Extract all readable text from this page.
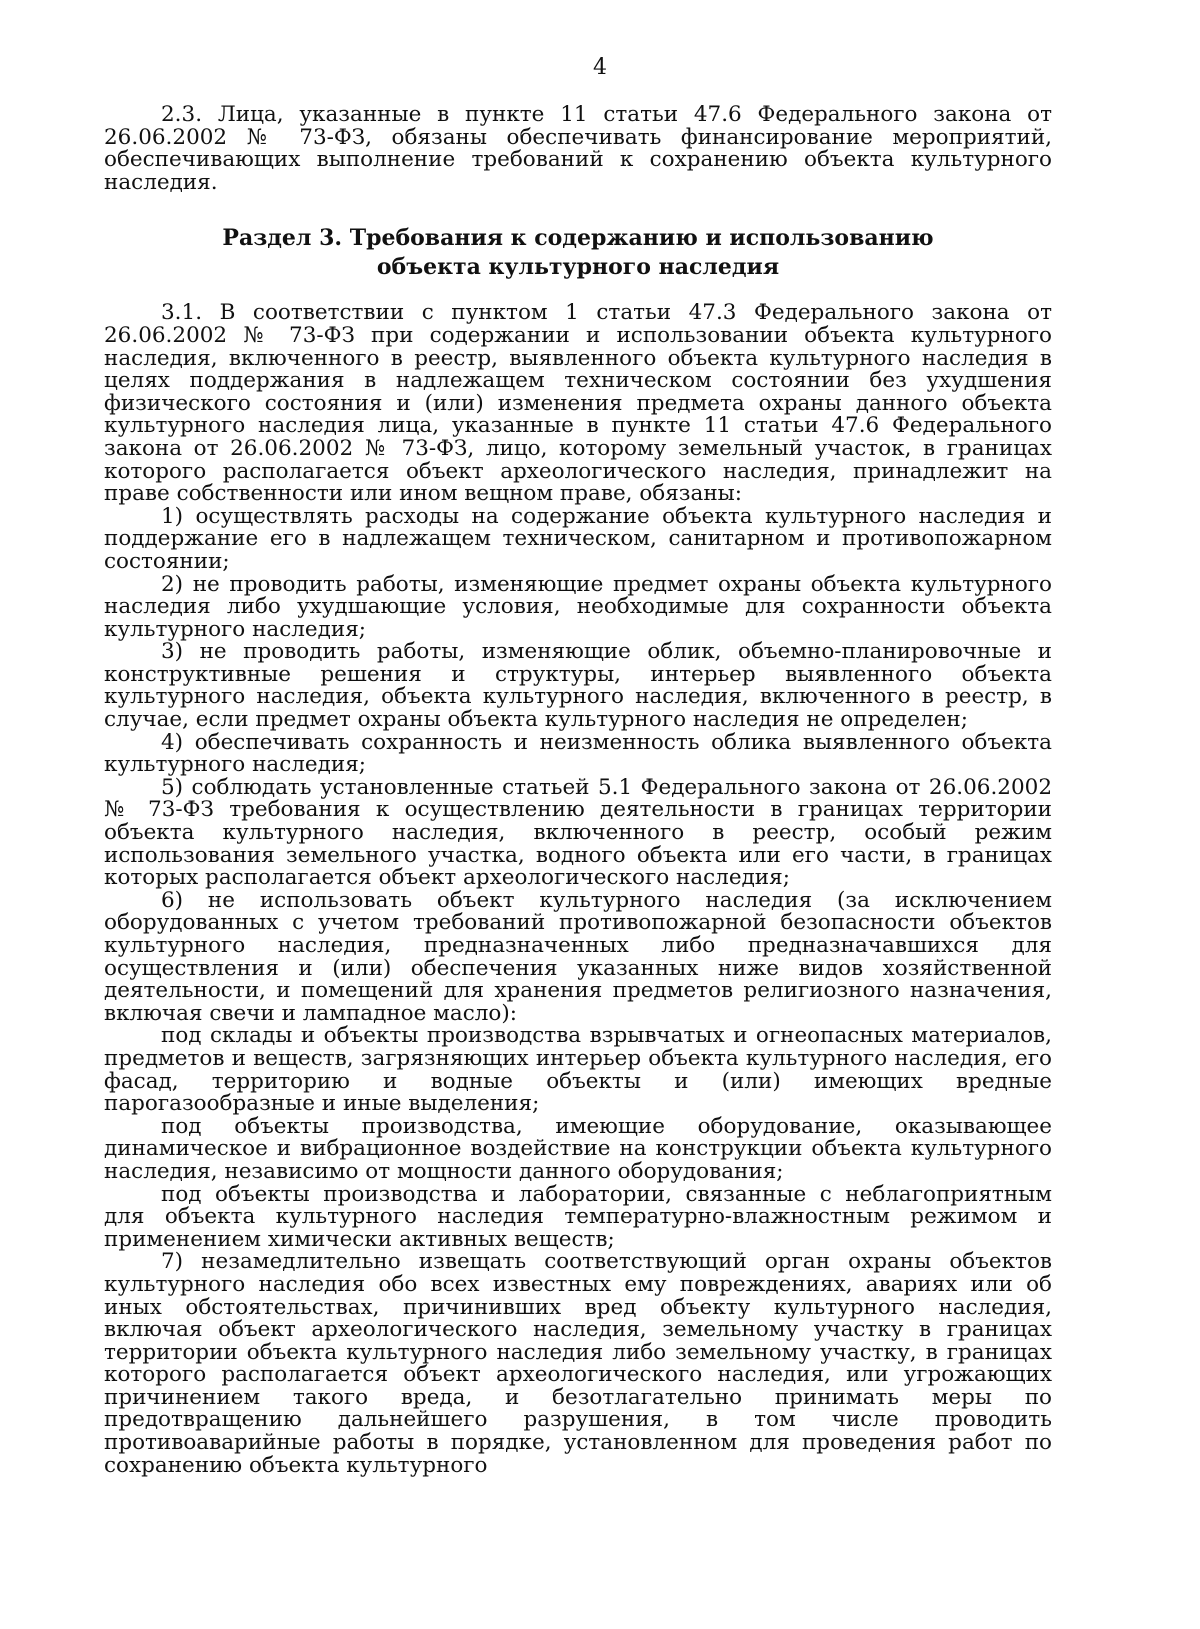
4

2.3. Лица, указанные в пункте 11 статьи 47.6 Федерального закона от 26.06.2002 № 73-ФЗ, обязаны обеспечивать финансирование мероприятий, обеспечивающих выполнение требований к сохранению объекта культурного наследия.

Раздел 3. Требования к содержанию и использованию
объекта культурного наследия

3.1. В соответствии с пунктом 1 статьи 47.3 Федерального закона от 26.06.2002 № 73-ФЗ при содержании и использовании объекта культурного наследия, включенного в реестр, выявленного объекта культурного наследия в целях поддержания в надлежащем техническом состоянии без ухудшения физического состояния и (или) изменения предмета охраны данного объекта культурного наследия лица, указанные в пункте 11 статьи 47.6 Федерального закона от 26.06.2002 № 73-ФЗ, лицо, которому земельный участок, в границах которого располагается объект археологического наследия, принадлежит на праве собственности или ином вещном праве, обязаны:

1) осуществлять расходы на содержание объекта культурного наследия и поддержание его в надлежащем техническом, санитарном и противопожарном состоянии;

2) не проводить работы, изменяющие предмет охраны объекта культурного наследия либо ухудшающие условия, необходимые для сохранности объекта культурного наследия;

3) не проводить работы, изменяющие облик, объемно-планировочные и конструктивные решения и структуры, интерьер выявленного объекта культурного наследия, объекта культурного наследия, включенного в реестр, в случае, если предмет охраны объекта культурного наследия не определен;

4) обеспечивать сохранность и неизменность облика выявленного объекта культурного наследия;

5) соблюдать установленные статьей 5.1 Федерального закона от 26.06.2002 № 73-ФЗ требования к осуществлению деятельности в границах территории объекта культурного наследия, включенного в реестр, особый режим использования земельного участка, водного объекта или его части, в границах которых располагается объект археологического наследия;

6) не использовать объект культурного наследия (за исключением оборудованных с учетом требований противопожарной безопасности объектов культурного наследия, предназначенных либо предназначавшихся для осуществления и (или) обеспечения указанных ниже видов хозяйственной деятельности, и помещений для хранения предметов религиозного назначения, включая свечи и лампадное масло):

под склады и объекты производства взрывчатых и огнеопасных материалов, предметов и веществ, загрязняющих интерьер объекта культурного наследия, его фасад, территорию и водные объекты и (или) имеющих вредные парогазообразные и иные выделения;

под объекты производства, имеющие оборудование, оказывающее динамическое и вибрационное воздействие на конструкции объекта культурного наследия, независимо от мощности данного оборудования;

под объекты производства и лаборатории, связанные с неблагоприятным для объекта культурного наследия температурно-влажностным режимом и применением химически активных веществ;

7) незамедлительно извещать соответствующий орган охраны объектов культурного наследия обо всех известных ему повреждениях, авариях или об иных обстоятельствах, причинивших вред объекту культурного наследия, включая объект археологического наследия, земельному участку в границах территории объекта культурного наследия либо земельному участку, в границах которого располагается объект археологического наследия, или угрожающих причинением такого вреда, и безотлагательно принимать меры по предотвращению дальнейшего разрушения, в том числе проводить противоаварийные работы в порядке, установленном для проведения работ по сохранению объекта культурного
